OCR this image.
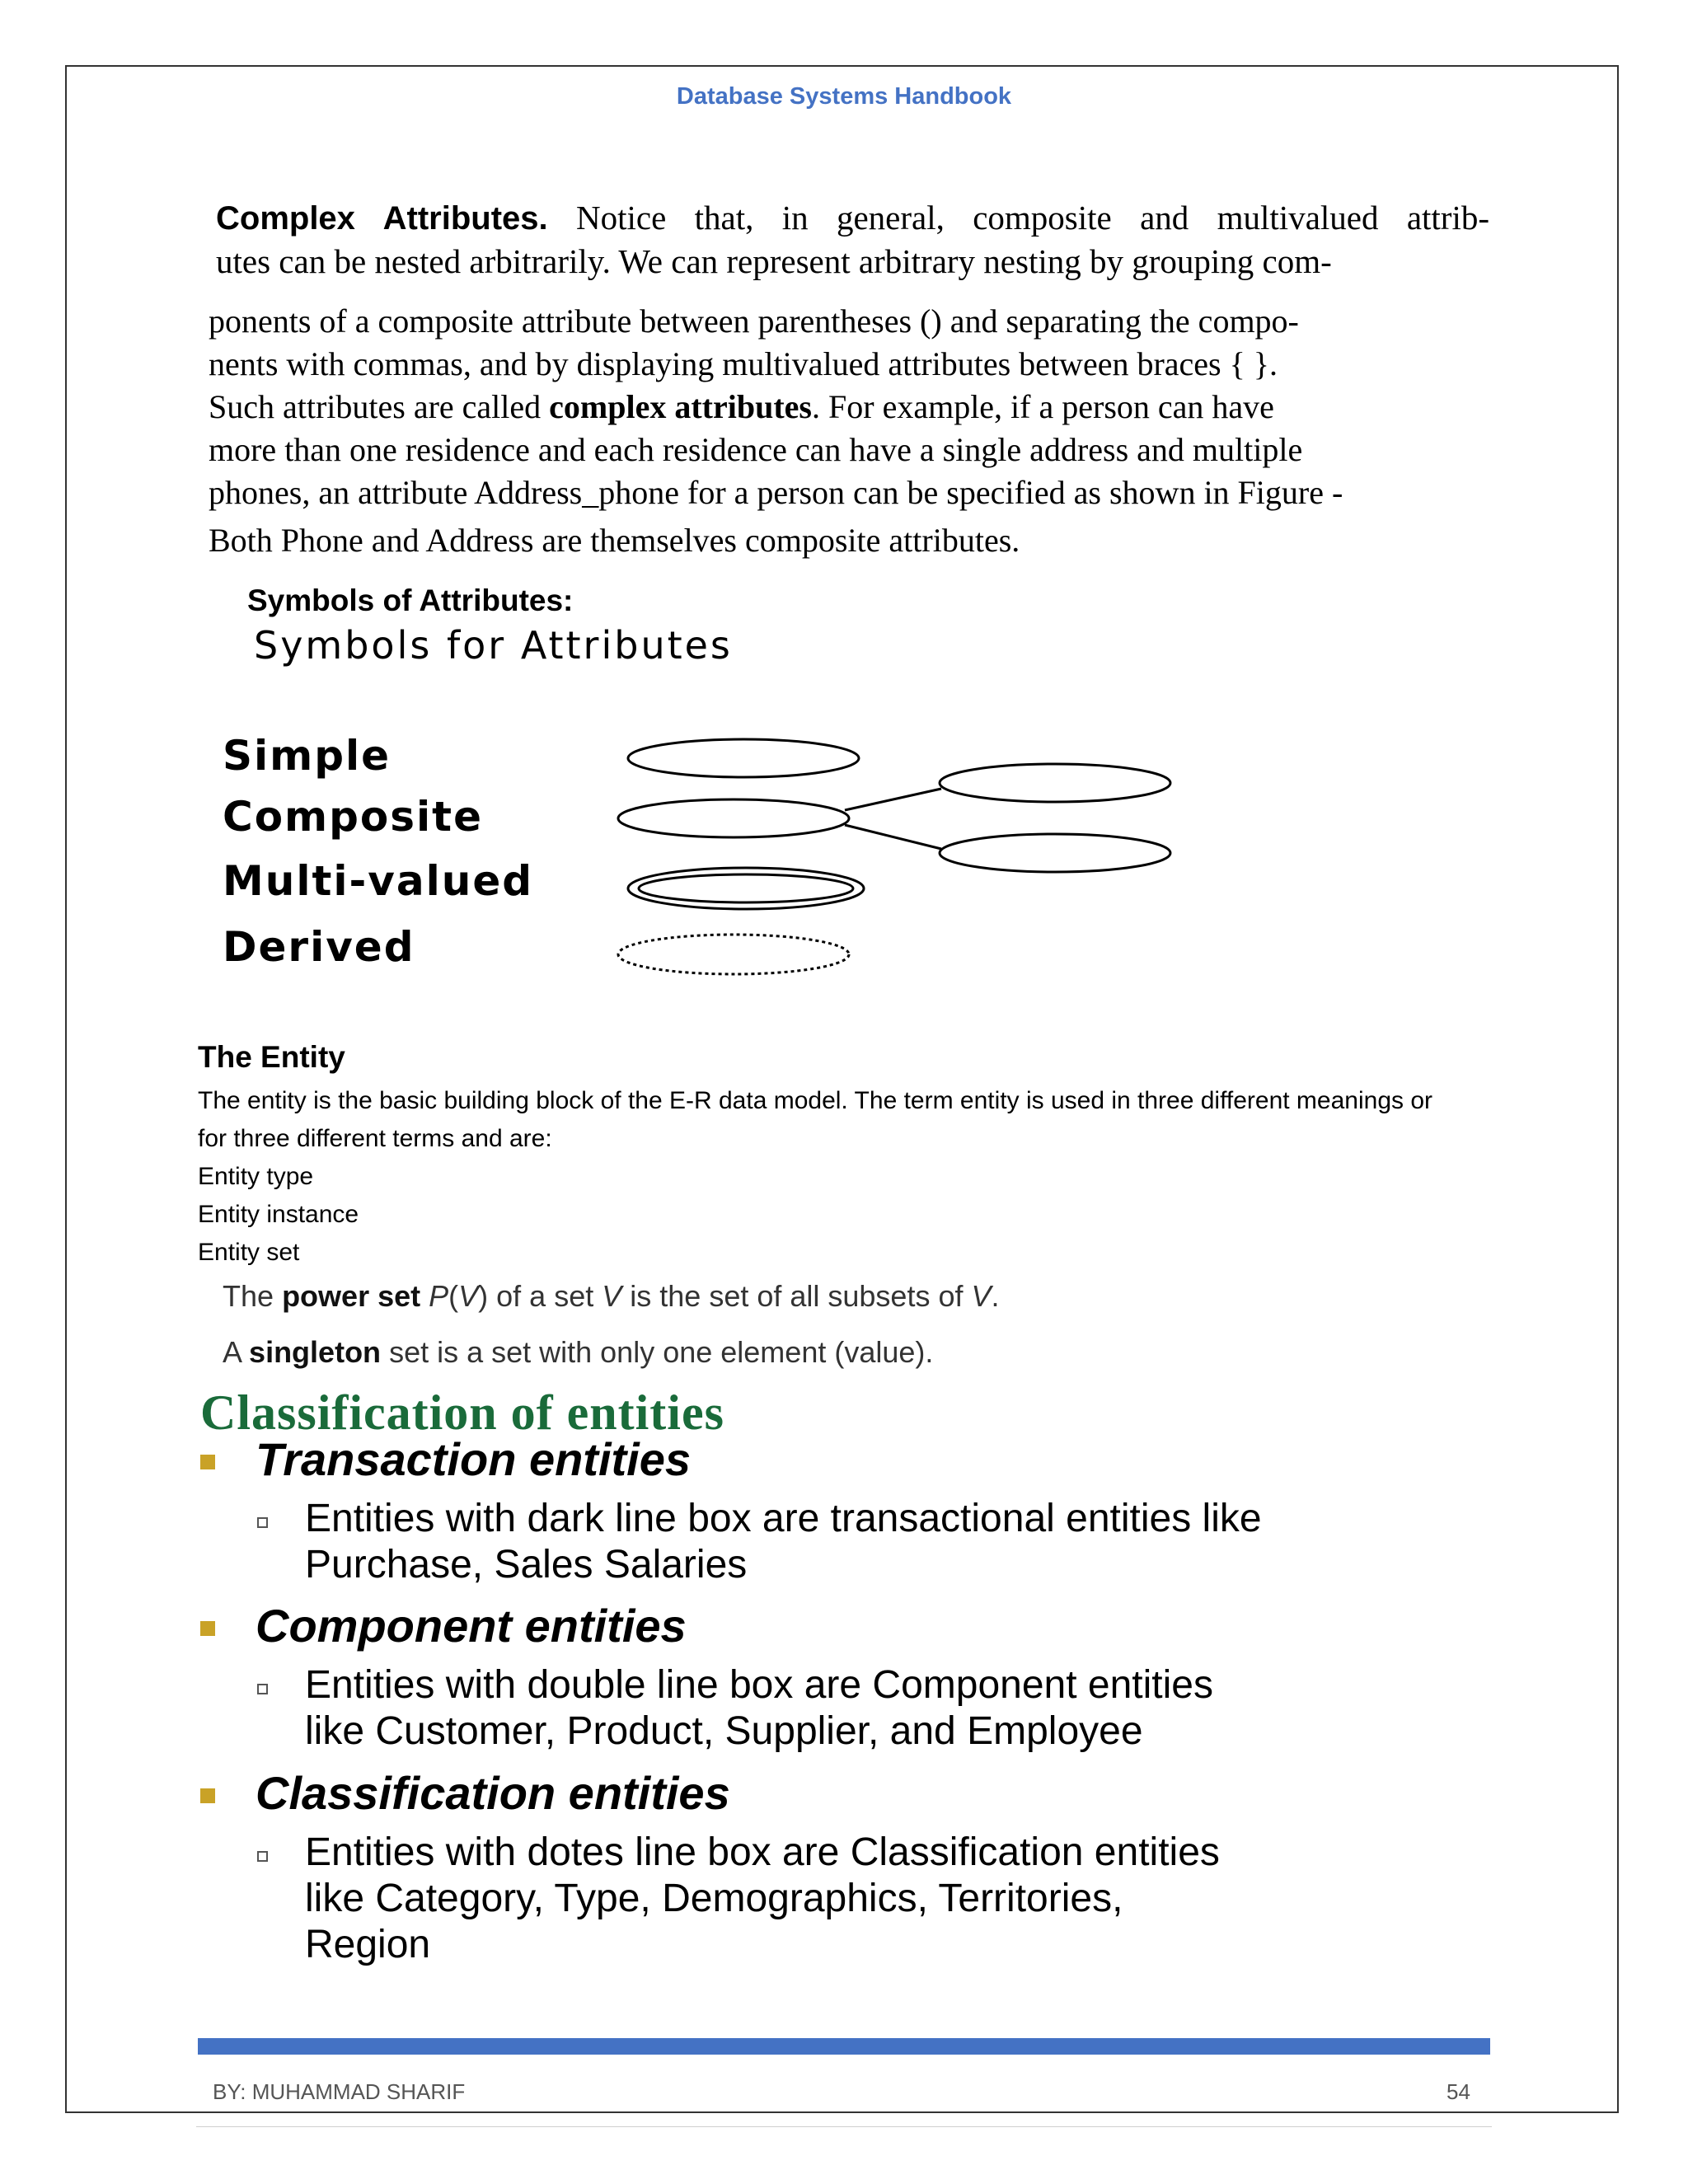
Database Systems Handbook
Complex Attributes. Notice that, in general, composite and multivalued attrib-
utes can be nested arbitrarily. We can represent arbitrary nesting by grouping com-
ponents of a composite attribute between parentheses () and separating the compo-
nents with commas, and by displaying multivalued attributes between braces { }.
Such attributes are called complex attributes. For example, if a person can have
more than one residence and each residence can have a single address and multiple
phones, an attribute Address_phone for a person can be specified as shown in Figure -
Both Phone and Address are themselves composite attributes.
Symbols of Attributes:
Symbols for Attributes
Simple
Composite
Multi-valued
Derived
The Entity
The entity is the basic building block of the E-R data model. The term entity is used in three different meanings or
for three different terms and are:
Entity type
Entity instance
Entity set
The power set P(V) of a set V is the set of all subsets of V.
A singleton set is a set with only one element (value).
Classification of entities
Transaction entities
Entities with dark line box are transactional entities like
Purchase, Sales Salaries
Component entities
Entities with double line box are Component entities
like Customer, Product, Supplier, and Employee
Classification entities
Entities with dotes line box are Classification entities
like Category, Type, Demographics, Territories,
Region
BY: MUHAMMAD SHARIF	54
